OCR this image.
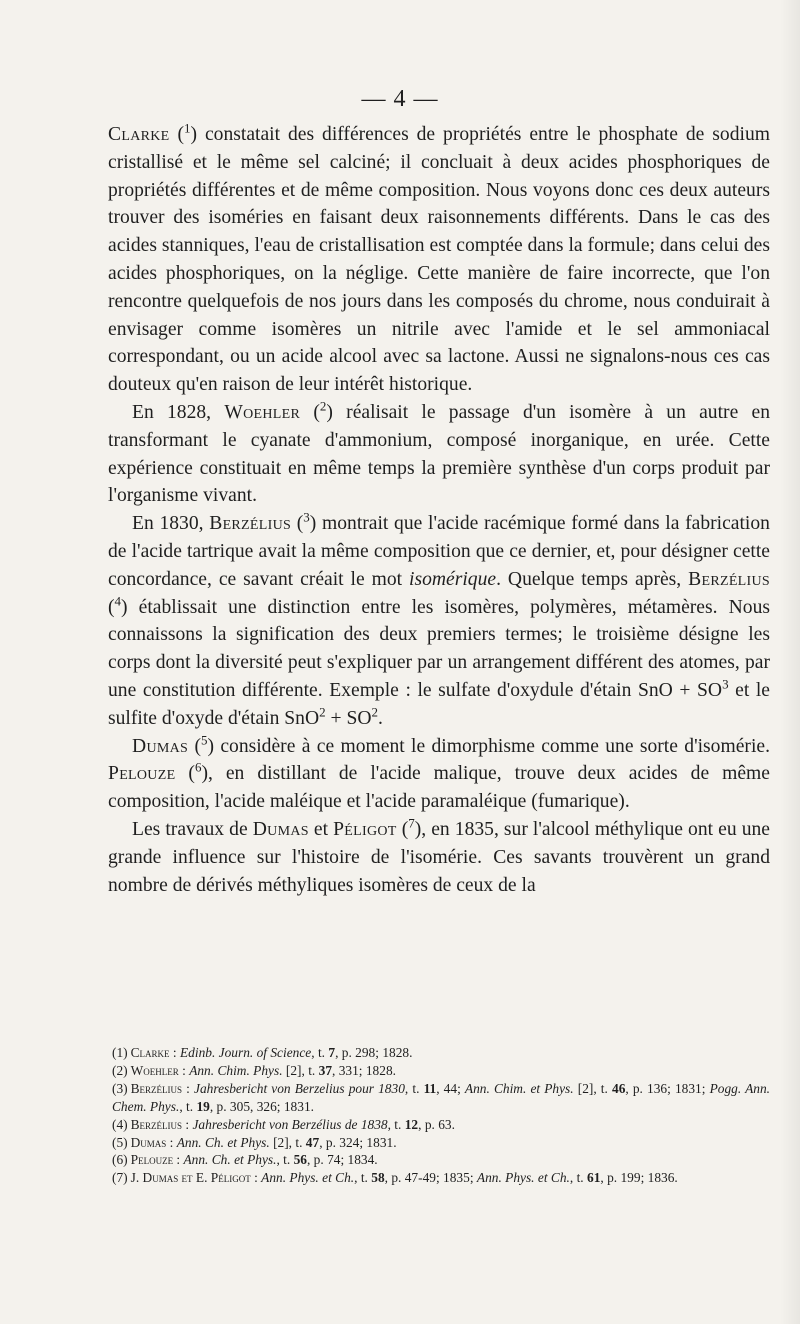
— 4 —

Clarke ($^1$) constatait des différences de propriétés entre le phosphate de sodium cristallisé et le même sel calciné; il concluait à deux acides phosphoriques de propriétés différentes et de même composition. Nous voyons donc ces deux auteurs trouver des isoméries en faisant deux raisonnements différents. Dans le cas des acides stanniques, l'eau de cristallisation est comptée dans la formule; dans celui des acides phosphoriques, on la néglige. Cette manière de faire incorrecte, que l'on rencontre quelquefois de nos jours dans les composés du chrome, nous conduirait à envisager comme isomères un nitrile avec l'amide et le sel ammoniacal correspondant, ou un acide alcool avec sa lactone. Aussi ne signalons-nous ces cas douteux qu'en raison de leur intérêt historique.

En 1828, Woehler ($^2$) réalisait le passage d'un isomère à un autre en transformant le cyanate d'ammonium, composé inorganique, en urée. Cette expérience constituait en même temps la première synthèse d'un corps produit par l'organisme vivant.

En 1830, Berzélius ($^3$) montrait que l'acide racémique formé dans la fabrication de l'acide tartrique avait la même composition que ce dernier, et, pour désigner cette concordance, ce savant créait le mot isomérique. Quelque temps après, Berzélius ($^4$) établissait une distinction entre les isomères, polymères, métamères. Nous connaissons la signification des deux premiers termes; le troisième désigne les corps dont la diversité peut s'expliquer par un arrangement différent des atomes, par une constitution différente. Exemple : le sulfate d'oxydule d'étain SnO + SO$^3$ et le sulfite d'oxyde d'étain SnO$^2$ + SO$^2$.

Dumas ($^5$) considère à ce moment le dimorphisme comme une sorte d'isomérie. Pelouze ($^6$), en distillant de l'acide malique, trouve deux acides de même composition, l'acide maléique et l'acide paramaléique (fumarique).

Les travaux de Dumas et Péligot ($^7$), en 1835, sur l'alcool méthylique ont eu une grande influence sur l'histoire de l'isomérie. Ces savants trouvèrent un grand nombre de dérivés méthyliques isomères de ceux de la

(1) Clarke : Edinb. Journ. of Science, t. 7, p. 298; 1828.

(2) Woehler : Ann. Chim. Phys. [2], t. 37, 331; 1828.

(3) Berzélius : Jahresbericht von Berzelius pour 1830, t. 11, 44; Ann. Chim. et Phys. [2], t. 46, p. 136; 1831; Pogg. Ann. Chem. Phys., t. 19, p. 305, 326; 1831.

(4) Berzélius : Jahresbericht von Berzélius de 1838, t. 12, p. 63.

(5) Dumas : Ann. Ch. et Phys. [2], t. 47, p. 324; 1831.

(6) Pelouze : Ann. Ch. et Phys., t. 56, p. 74; 1834.

(7) J. Dumas et E. Péligot : Ann. Phys. et Ch., t. 58, p. 47-49; 1835; Ann. Phys. et Ch., t. 61, p. 199; 1836.
